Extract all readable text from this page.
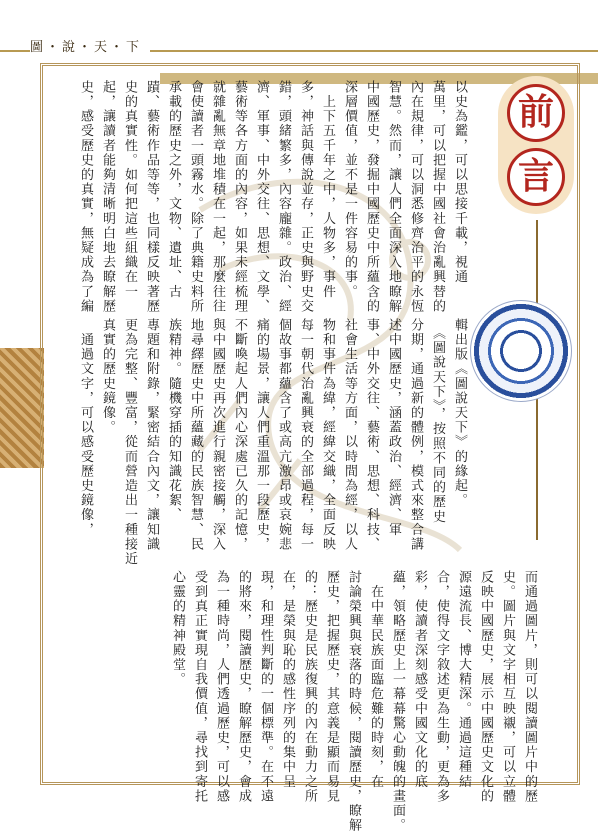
圖・說・天・下
前
言
以史為鑑，可以思接千載，視通
萬里，可以把握中國社會治亂興替的
內在規律，可以洞悉修齊治平的永恆
智慧。然而，讓人們全面深入地瞭解
中國歷史，發掘中國歷史中所蘊含的
深層價值，並不是一件容易的事。
　上下五千年之中，人物多，事件
多，神話與傳說並存，正史與野史交
錯，頭緒繁多，內容龐雜。政治、經
濟、軍事、中外交往、思想、文學、
藝術等各方面的內容，如果未經梳理
就雜亂無章地堆積在一起，那麼往往
會使讀者一頭霧水。除了典籍史料所
承載的歷史之外，文物、遺址、古
蹟、藝術作品等等，也同樣反映著歷
史的真實性。如何把這些組織在一
起，讓讀者能夠清晰明白地去瞭解歷
史，感受歷史的真實，無疑成為了編
輯出版《圖說天下》的緣起。
　《圖說天下》，按照不同的歷史
分期，通過新的體例，模式來整合講
述中國歷史，涵蓋政治、經濟、軍
事、中外交往、藝術、思想、科技、
社會生活等方面，以時間為經，以人
物和事件為緯，經緯交織，全面反映
每一朝代治亂興衰的全部過程，每一
個故事都蘊含了或高亢激昂或哀婉悲
痛的場景，讓人們重溫那一段歷史，
不斷喚起人們內心深處已久的記憶，
與中國歷史再次進行親密接觸，深入
地尋繹歷史中所蘊藏的民族智慧、民
族精神。隨機穿插的知識花絮、
專題和附錄，緊密結合內文，讓知識
更為完整、豐富，從而營造出一種接近
真實的歷史鏡像。
　通過文字，可以感受歷史鏡像，
而通過圖片，則可以閱讀圖片中的歷
史。圖片與文字相互映襯，可以立體
反映中國歷史，展示中國歷史文化的
源遠流長、博大精深。通過這種結
合，使得文字敘述更為生動，更為多
彩，使讀者深刻感受中國文化的底
蘊，領略歷史上一幕幕驚心動魄的畫面。
　在中華民族面臨危難的時刻，在
討論榮興與衰落的時候，閱讀歷史，瞭解
歷史，把握歷史，其意義是顯而易見
的：歷史是民族復興的內在動力之所
在，是榮與恥的感性序列的集中呈
現，和理性判斷的一個標準。在不遠
的將來，閱讀歷史，瞭解歷史，會成
為一種時尚，人們透過歷史，可以感
受到真正實現自我價值，尋找到寄托
心靈的精神殿堂。
